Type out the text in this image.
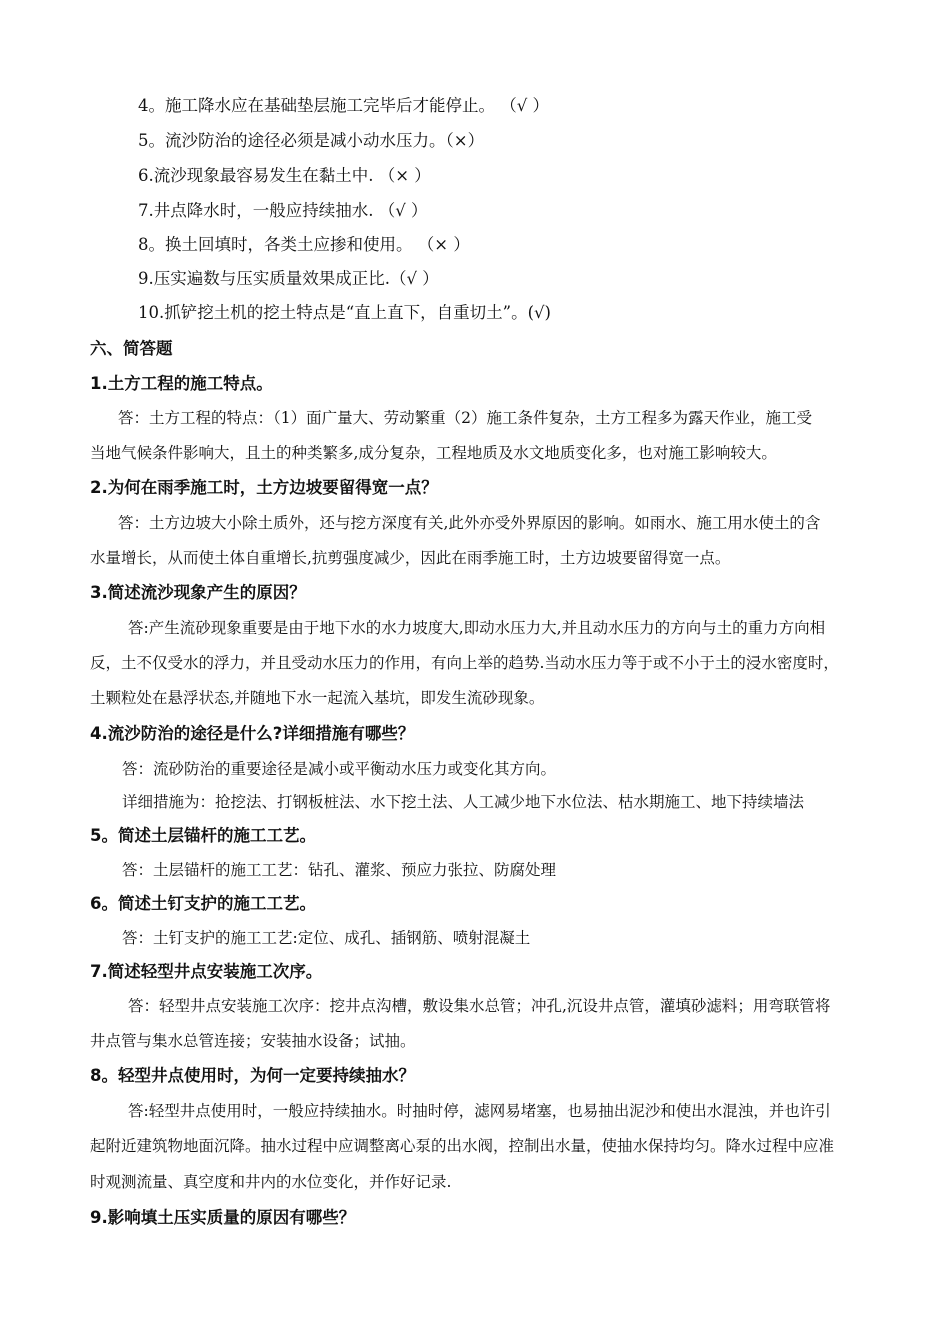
4。施工降水应在基础垫层施工完毕后才能停止。 （√ ）
5。流沙防治的途径必须是减小动水压力。（×）
6.流沙现象最容易发生在黏土中. （× ）
7.井点降水时，一般应持续抽水. （√ ）
8。换土回填时，各类土应掺和使用。 （× ）
9.压实遍数与压实质量效果成正比.（√ ）
10.抓铲挖土机的挖土特点是“直上直下，自重切土”。(√)
六、简答题
1.土方工程的施工特点。
答：土方工程的特点：（1）面广量大、劳动繁重（2）施工条件复杂，土方工程多为露天作业，施工受
当地气候条件影响大，且土的种类繁多,成分复杂，工程地质及水文地质变化多，也对施工影响较大。
2.为何在雨季施工时，土方边坡要留得宽一点？
答：土方边坡大小除土质外，还与挖方深度有关,此外亦受外界原因的影响。如雨水、施工用水使土的含
水量增长，从而使土体自重增长,抗剪强度减少，因此在雨季施工时，土方边坡要留得宽一点。
3.简述流沙现象产生的原因？
答:产生流砂现象重要是由于地下水的水力坡度大,即动水压力大,并且动水压力的方向与土的重力方向相
反，土不仅受水的浮力，并且受动水压力的作用，有向上举的趋势.当动水压力等于或不小于土的浸水密度时，
土颗粒处在悬浮状态,并随地下水一起流入基坑，即发生流砂现象。
4.流沙防治的途径是什么?详细措施有哪些？
答：流砂防治的重要途径是减小或平衡动水压力或变化其方向。
详细措施为：抢挖法、打钢板桩法、水下挖土法、人工减少地下水位法、枯水期施工、地下持续墙法
5。简述土层锚杆的施工工艺。
答：土层锚杆的施工工艺：钻孔、灌浆、预应力张拉、防腐处理
6。简述土钉支护的施工工艺。
答：土钉支护的施工工艺:定位、成孔、插钢筋、喷射混凝土
7.简述轻型井点安装施工次序。
答：轻型井点安装施工次序：挖井点沟槽，敷设集水总管；冲孔,沉设井点管，灌填砂滤料；用弯联管将
井点管与集水总管连接；安装抽水设备；试抽。
8。轻型井点使用时，为何一定要持续抽水？
答:轻型井点使用时，一般应持续抽水。时抽时停，滤网易堵塞，也易抽出泥沙和使出水混浊，并也许引
起附近建筑物地面沉降。抽水过程中应调整离心泵的出水阀，控制出水量，使抽水保持均匀。降水过程中应准
时观测流量、真空度和井内的水位变化，并作好记录.
9.影响填土压实质量的原因有哪些？
